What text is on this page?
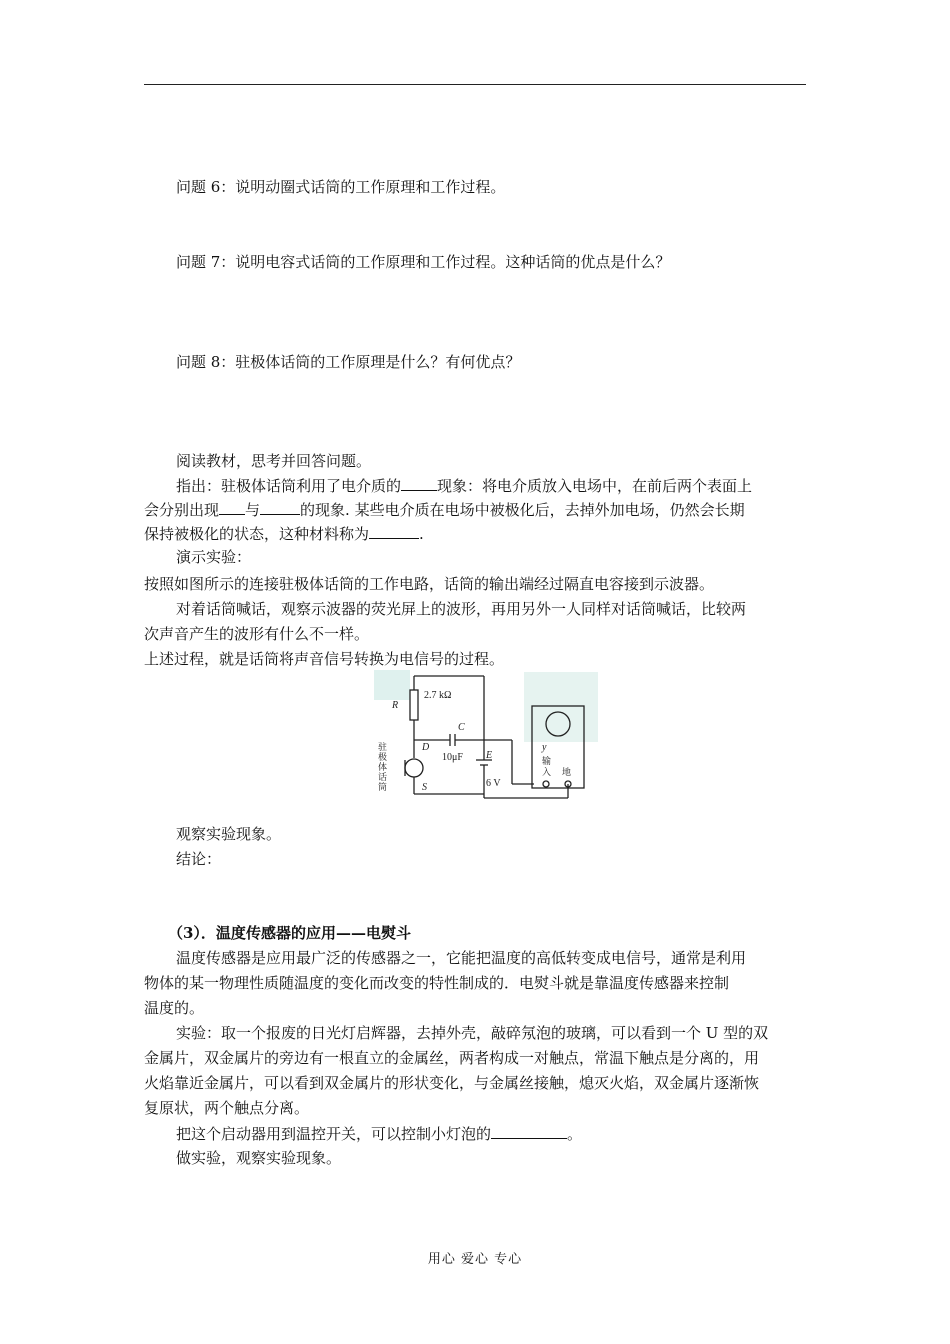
问题 6：说明动圈式话筒的工作原理和工作过程。
问题 7：说明电容式话筒的工作原理和工作过程。这种话筒的优点是什么？
问题 8：驻极体话筒的工作原理是什么？有何优点？
阅读教材，思考并回答问题。
指出：驻极体话筒利用了电介质的 现象：将电介质放入电场中，在前后两个表面上
会分别出现 与	的现象. 某些电介质在电场中被极化后，去掉外加电场，仍然会长期
保持被极化的状态，这种材料称为	.
演示实验：
按照如图所示的连接驻极体话筒的工作电路，话筒的输出端经过隔直电容接到示波器。
对着话筒喊话，观察示波器的荧光屏上的波形，再用另外一人同样对话筒喊话，比较两
次声音产生的波形有什么不一样。
上述过程，就是话筒将声音信号转换为电信号的过程。
R
2.7 kΩ
C
10μF
D
S
E
6 V
驻
极
体
话
筒
y
输
入 地
观察实验现象。
结论：
（3）．温度传感器的应用——电熨斗
温度传感器是应用最广泛的传感器之一，它能把温度的高低转变成电信号，通常是利用
物体的某一物理性质随温度的变化而改变的特性制成的．电熨斗就是靠温度传感器来控制
温度的。
实验：取一个报废的日光灯启辉器，去掉外壳，敲碎氖泡的玻璃，可以看到一个 U 型的双
金属片，双金属片的旁边有一根直立的金属丝，两者构成一对触点，常温下触点是分离的，用
火焰靠近金属片，可以看到双金属片的形状变化，与金属丝接触，熄灭火焰，双金属片逐渐恢
复原状，两个触点分离。
把这个启动器用到温控开关，可以控制小灯泡的	。
做实验，观察实验现象。
用心 爱心 专心
